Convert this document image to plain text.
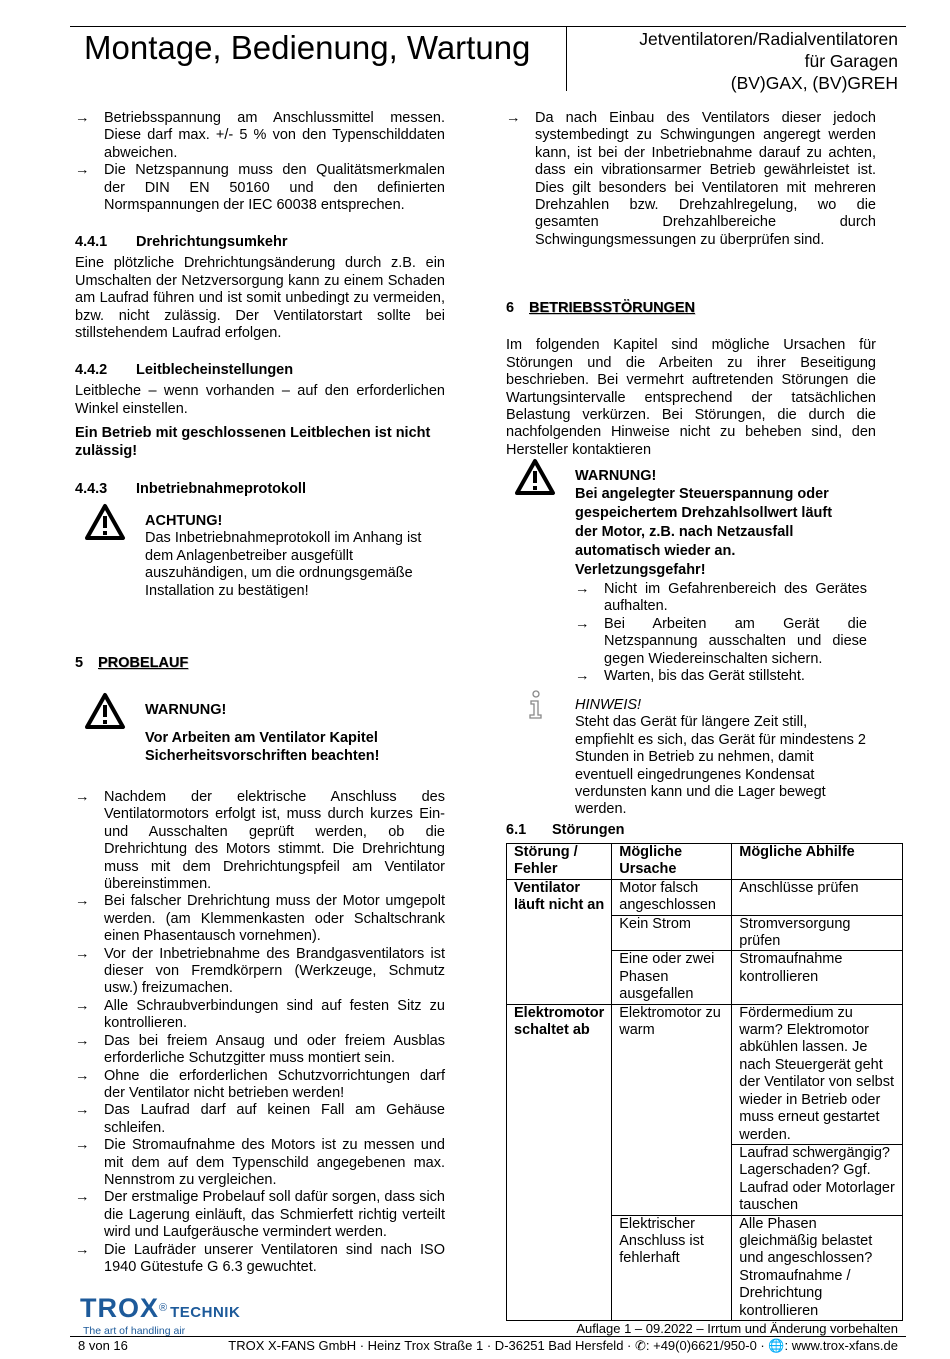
Montage, Bedienung, Wartung	Jetventilatoren/Radialventilatoren
für Garagen
(BV)GAX, (BV)GREH

→ Betriebsspannung am Anschlussmittel messen. Diese darf max. +/- 5 % von den Typenschilddaten abweichen.

→ Die Netzspannung muss den Qualitätsmerkmalen der DIN EN 50160 und den definierten Normspannungen der IEC 60038 entsprechen.

4.4.1 Drehrichtungsumkehr

Eine plötzliche Drehrichtungsänderung durch z.B. ein Umschalten der Netzversorgung kann zu einem Schaden am Laufrad führen und ist somit unbedingt zu vermeiden, bzw. nicht zulässig. Der Ventilatorstart sollte bei stillstehendem Laufrad erfolgen.

4.4.2 Leitblecheinstellungen

Leitbleche – wenn vorhanden – auf den erforderlichen Winkel einstellen.

Ein Betrieb mit geschlossenen Leitblechen ist nicht zulässig!

4.4.3 Inbetriebnahmeprotokoll

ACHTUNG!

Das Inbetriebnahmeprotokoll im Anhang ist dem Anlagenbetreiber ausgefüllt auszuhändigen, um die ordnungsgemäße Installation zu bestätigen!

5 PROBELAUF

WARNUNG!

Vor Arbeiten am Ventilator Kapitel Sicherheitsvorschriften beachten!

→ Nachdem der elektrische Anschluss des Ventilatormotors erfolgt ist, muss durch kurzes Ein- und Ausschalten geprüft werden, ob die Drehrichtung des Motors stimmt. Die Drehrichtung muss mit dem Drehrichtungspfeil am Ventilator übereinstimmen.

→ Bei falscher Drehrichtung muss der Motor umgepolt werden. (am Klemmenkasten oder Schaltschrank einen Phasentausch vornehmen).

→ Vor der Inbetriebnahme des Brandgasventilators ist dieser von Fremdkörpern (Werkzeuge, Schmutz usw.) freizumachen.

→ Alle Schraubverbindungen sind auf festen Sitz zu kontrollieren.

→ Das bei freiem Ansaug und oder freiem Ausblas erforderliche Schutzgitter muss montiert sein.

→ Ohne die erforderlichen Schutzvorrichtungen darf der Ventilator nicht betrieben werden!

→ Das Laufrad darf auf keinen Fall am Gehäuse schleifen.

→ Die Stromaufnahme des Motors ist zu messen und mit dem auf dem Typenschild angegebenen max. Nennstrom zu vergleichen.

→ Der erstmalige Probelauf soll dafür sorgen, dass sich die Lagerung einläuft, das Schmierfett richtig verteilt wird und Laufgeräusche vermindert werden.

→ Die Laufräder unserer Ventilatoren sind nach ISO 1940 Gütestufe G 6.3 gewuchtet.

→ Da nach Einbau des Ventilators dieser jedoch systembedingt zu Schwingungen angeregt werden kann, ist bei der Inbetriebnahme darauf zu achten, dass ein vibrationsarmer Betrieb gewährleistet ist. Dies gilt besonders bei Ventilatoren mit mehreren Drehzahlen bzw. Drehzahlregelung, wo die gesamten Drehzahlbereiche durch Schwingungsmessungen zu überprüfen sind.

6 BETRIEBSSTÖRUNGEN

Im folgenden Kapitel sind mögliche Ursachen für Störungen und die Arbeiten zu ihrer Beseitigung beschrieben. Bei vermehrt auftretenden Störungen die Wartungsintervalle entsprechend der tatsächlichen Belastung verkürzen. Bei Störungen, die durch die nachfolgenden Hinweise nicht zu beheben sind, den Hersteller kontaktieren

WARNUNG!

Bei angelegter Steuerspannung oder gespeichertem Drehzahlsollwert läuft der Motor, z.B. nach Netzausfall automatisch wieder an. Verletzungsgefahr!

→ Nicht im Gefahrenbereich des Gerätes aufhalten.

→ Bei Arbeiten am Gerät die Netzspannung ausschalten und diese gegen Wiedereinschalten sichern.

→ Warten, bis das Gerät stillsteht.

HINWEIS!

Steht das Gerät für längere Zeit still, empfiehlt es sich, das Gerät für mindestens 2 Stunden in Betrieb zu nehmen, damit eventuell eingedrungenes Kondensat verdunsten kann und die Lager bewegt werden.

6.1 Störungen

Störung / Fehler	Mögliche Ursache	Mögliche Abhilfe
Ventilator läuft nicht an	Motor falsch angeschlossen	Anschlüsse prüfen
	Kein Strom	Stromversorgung prüfen
	Eine oder zwei Phasen ausgefallen	Stromaufnahme kontrollieren
Elektromotor schaltet ab	Elektromotor zu warm	Fördermedium zu warm? Elektromotor abkühlen lassen. Je nach Steuergerät geht der Ventilator von selbst wieder in Betrieb oder muss erneut gestartet werden.
		Laufrad schwergängig? Lagerschaden? Ggf. Laufrad oder Motorlager tauschen
	Elektrischer Anschluss ist fehlerhaft	Alle Phasen gleichmäßig belastet und angeschlossen? Stromaufnahme / Drehrichtung kontrollieren
TROX® TECHNIK
The art of handling air	Auflage 1 – 09.2022 – Irrtum und Änderung vorbehalten
8 von 16	TROX X-FANS GmbH · Heinz Trox Straße 1 · D-36251 Bad Hersfeld · ✆: +49(0)6621/950-0 · 🌐: www.trox-xfans.de
